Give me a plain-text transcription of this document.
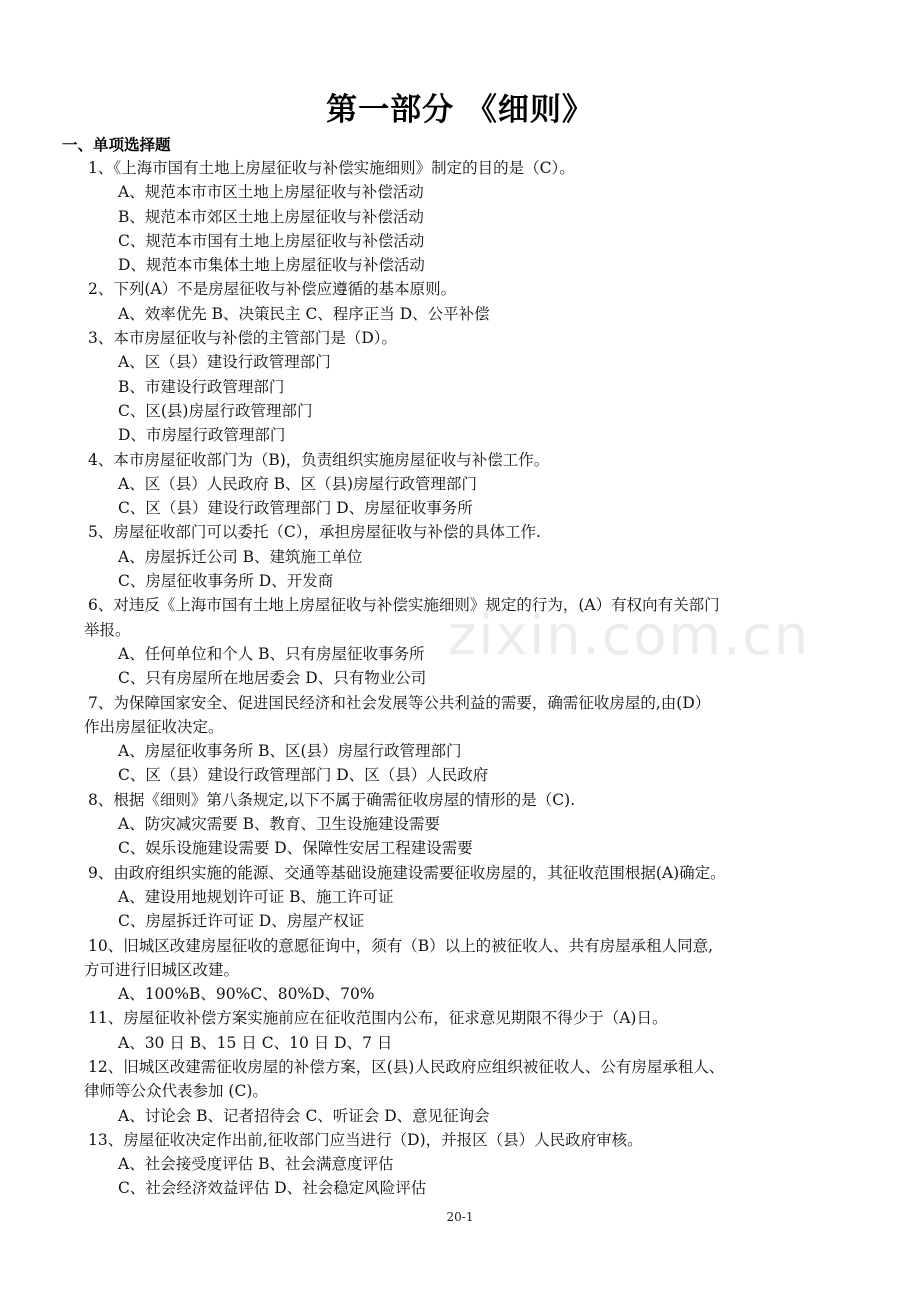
第一部分 《细则》
一、单项选择题
1、《上海市国有土地上房屋征收与补偿实施细则》制定的目的是（C）。
A、规范本市市区土地上房屋征收与补偿活动
B、规范本市郊区土地上房屋征收与补偿活动
C、规范本市国有土地上房屋征收与补偿活动
D、规范本市集体土地上房屋征收与补偿活动
2、下列(A）不是房屋征收与补偿应遵循的基本原则。
A、效率优先 B、决策民主 C、程序正当 D、公平补偿
3、本市房屋征收与补偿的主管部门是（D）。
A、区（县）建设行政管理部门
B、市建设行政管理部门
C、区(县)房屋行政管理部门
D、市房屋行政管理部门
4、本市房屋征收部门为（B)，负责组织实施房屋征收与补偿工作。
A、区（县）人民政府 B、区（县)房屋行政管理部门
C、区（县）建设行政管理部门 D、房屋征收事务所
5、房屋征收部门可以委托（C），承担房屋征收与补偿的具体工作.
A、房屋拆迁公司 B、建筑施工单位
C、房屋征收事务所 D、开发商
6、对违反《上海市国有土地上房屋征收与补偿实施细则》规定的行为，(A）有权向有关部门
举报。
A、任何单位和个人 B、只有房屋征收事务所
C、只有房屋所在地居委会 D、只有物业公司
7、为保障国家安全、促进国民经济和社会发展等公共利益的需要，确需征收房屋的,由(D）
作出房屋征收决定。
A、房屋征收事务所 B、区(县）房屋行政管理部门
C、区（县）建设行政管理部门 D、区（县）人民政府
8、根据《细则》第八条规定,以下不属于确需征收房屋的情形的是（C).
A、防灾减灾需要 B、教育、卫生设施建设需要
C、娱乐设施建设需要 D、保障性安居工程建设需要
9、由政府组织实施的能源、交通等基础设施建设需要征收房屋的，其征收范围根据(A)确定。
A、建设用地规划许可证 B、施工许可证
C、房屋拆迁许可证 D、房屋产权证
10、旧城区改建房屋征收的意愿征询中，须有（B）以上的被征收人、共有房屋承租人同意,
方可进行旧城区改建。
A、100%B、90%C、80%D、70%
11、房屋征收补偿方案实施前应在征收范围内公布，征求意见期限不得少于（A)日。
A、30 日 B、15 日 C、10 日 D、7 日
12、旧城区改建需征收房屋的补偿方案，区(县)人民政府应组织被征收人、公有房屋承租人、
律师等公众代表参加 (C)。
A、讨论会 B、记者招待会 C、听证会 D、意见征询会
13、房屋征收决定作出前,征收部门应当进行（D)，并报区（县）人民政府审核。
A、社会接受度评估 B、社会满意度评估
C、社会经济效益评估 D、社会稳定风险评估
zixin.com.cn
20-1
